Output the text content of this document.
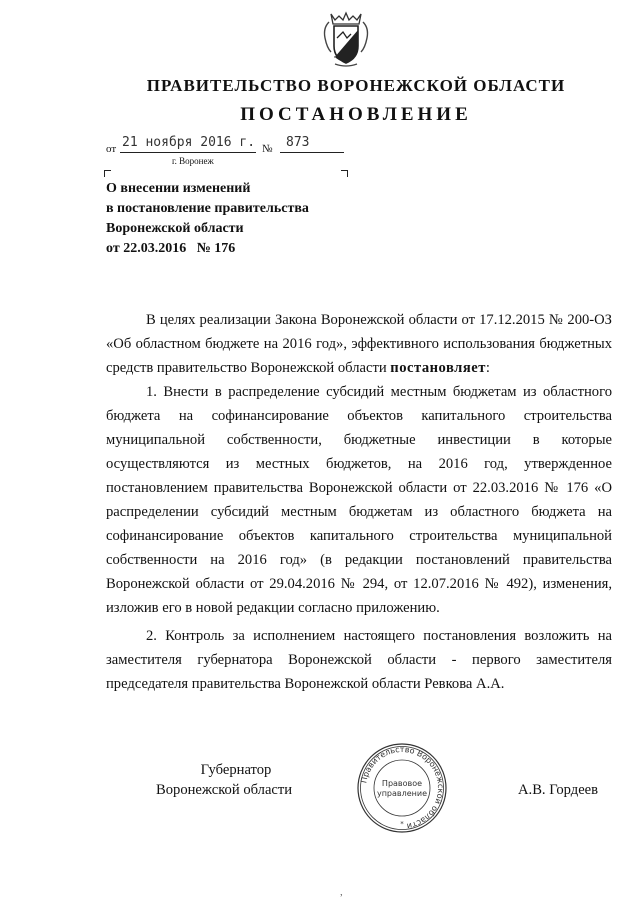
ПРАВИТЕЛЬСТВО ВОРОНЕЖСКОЙ ОБЛАСТИ
ПОСТАНОВЛЕНИЕ
от 21 ноября 2016 г. № 873
г. Воронеж
О внесении изменений
в постановление правительства
Воронежской области
от 22.03.2016   № 176

В целях реализации Закона Воронежской области от 17.12.2015 № 200-ОЗ «Об областном бюджете на 2016 год», эффективного использования бюджетных средств правительство Воронежской области постановляет:

1. Внести в распределение субсидий местным бюджетам из областного бюджета на софинансирование объектов капитального строительства муниципальной собственности, бюджетные инвестиции в которые осуществляются из местных бюджетов, на 2016 год, утвержденное постановлением правительства Воронежской области от 22.03.2016 № 176 «О распределении субсидий местным бюджетам из областного бюджета на софинансирование объектов капитального строительства муниципальной собственности на 2016 год» (в редакции постановлений правительства Воронежской области от 29.04.2016 № 294, от 12.07.2016 № 492), изменения, изложив его в новой редакции согласно приложению.

2. Контроль за исполнением настоящего постановления возложить на заместителя губернатора Воронежской области - первого заместителя председателя правительства Воронежской области Ревкова А.А.

Губернатор
Воронежской области	А.В. Гордеев
Правительство Воронежской области
Правовое
управление
*
,
